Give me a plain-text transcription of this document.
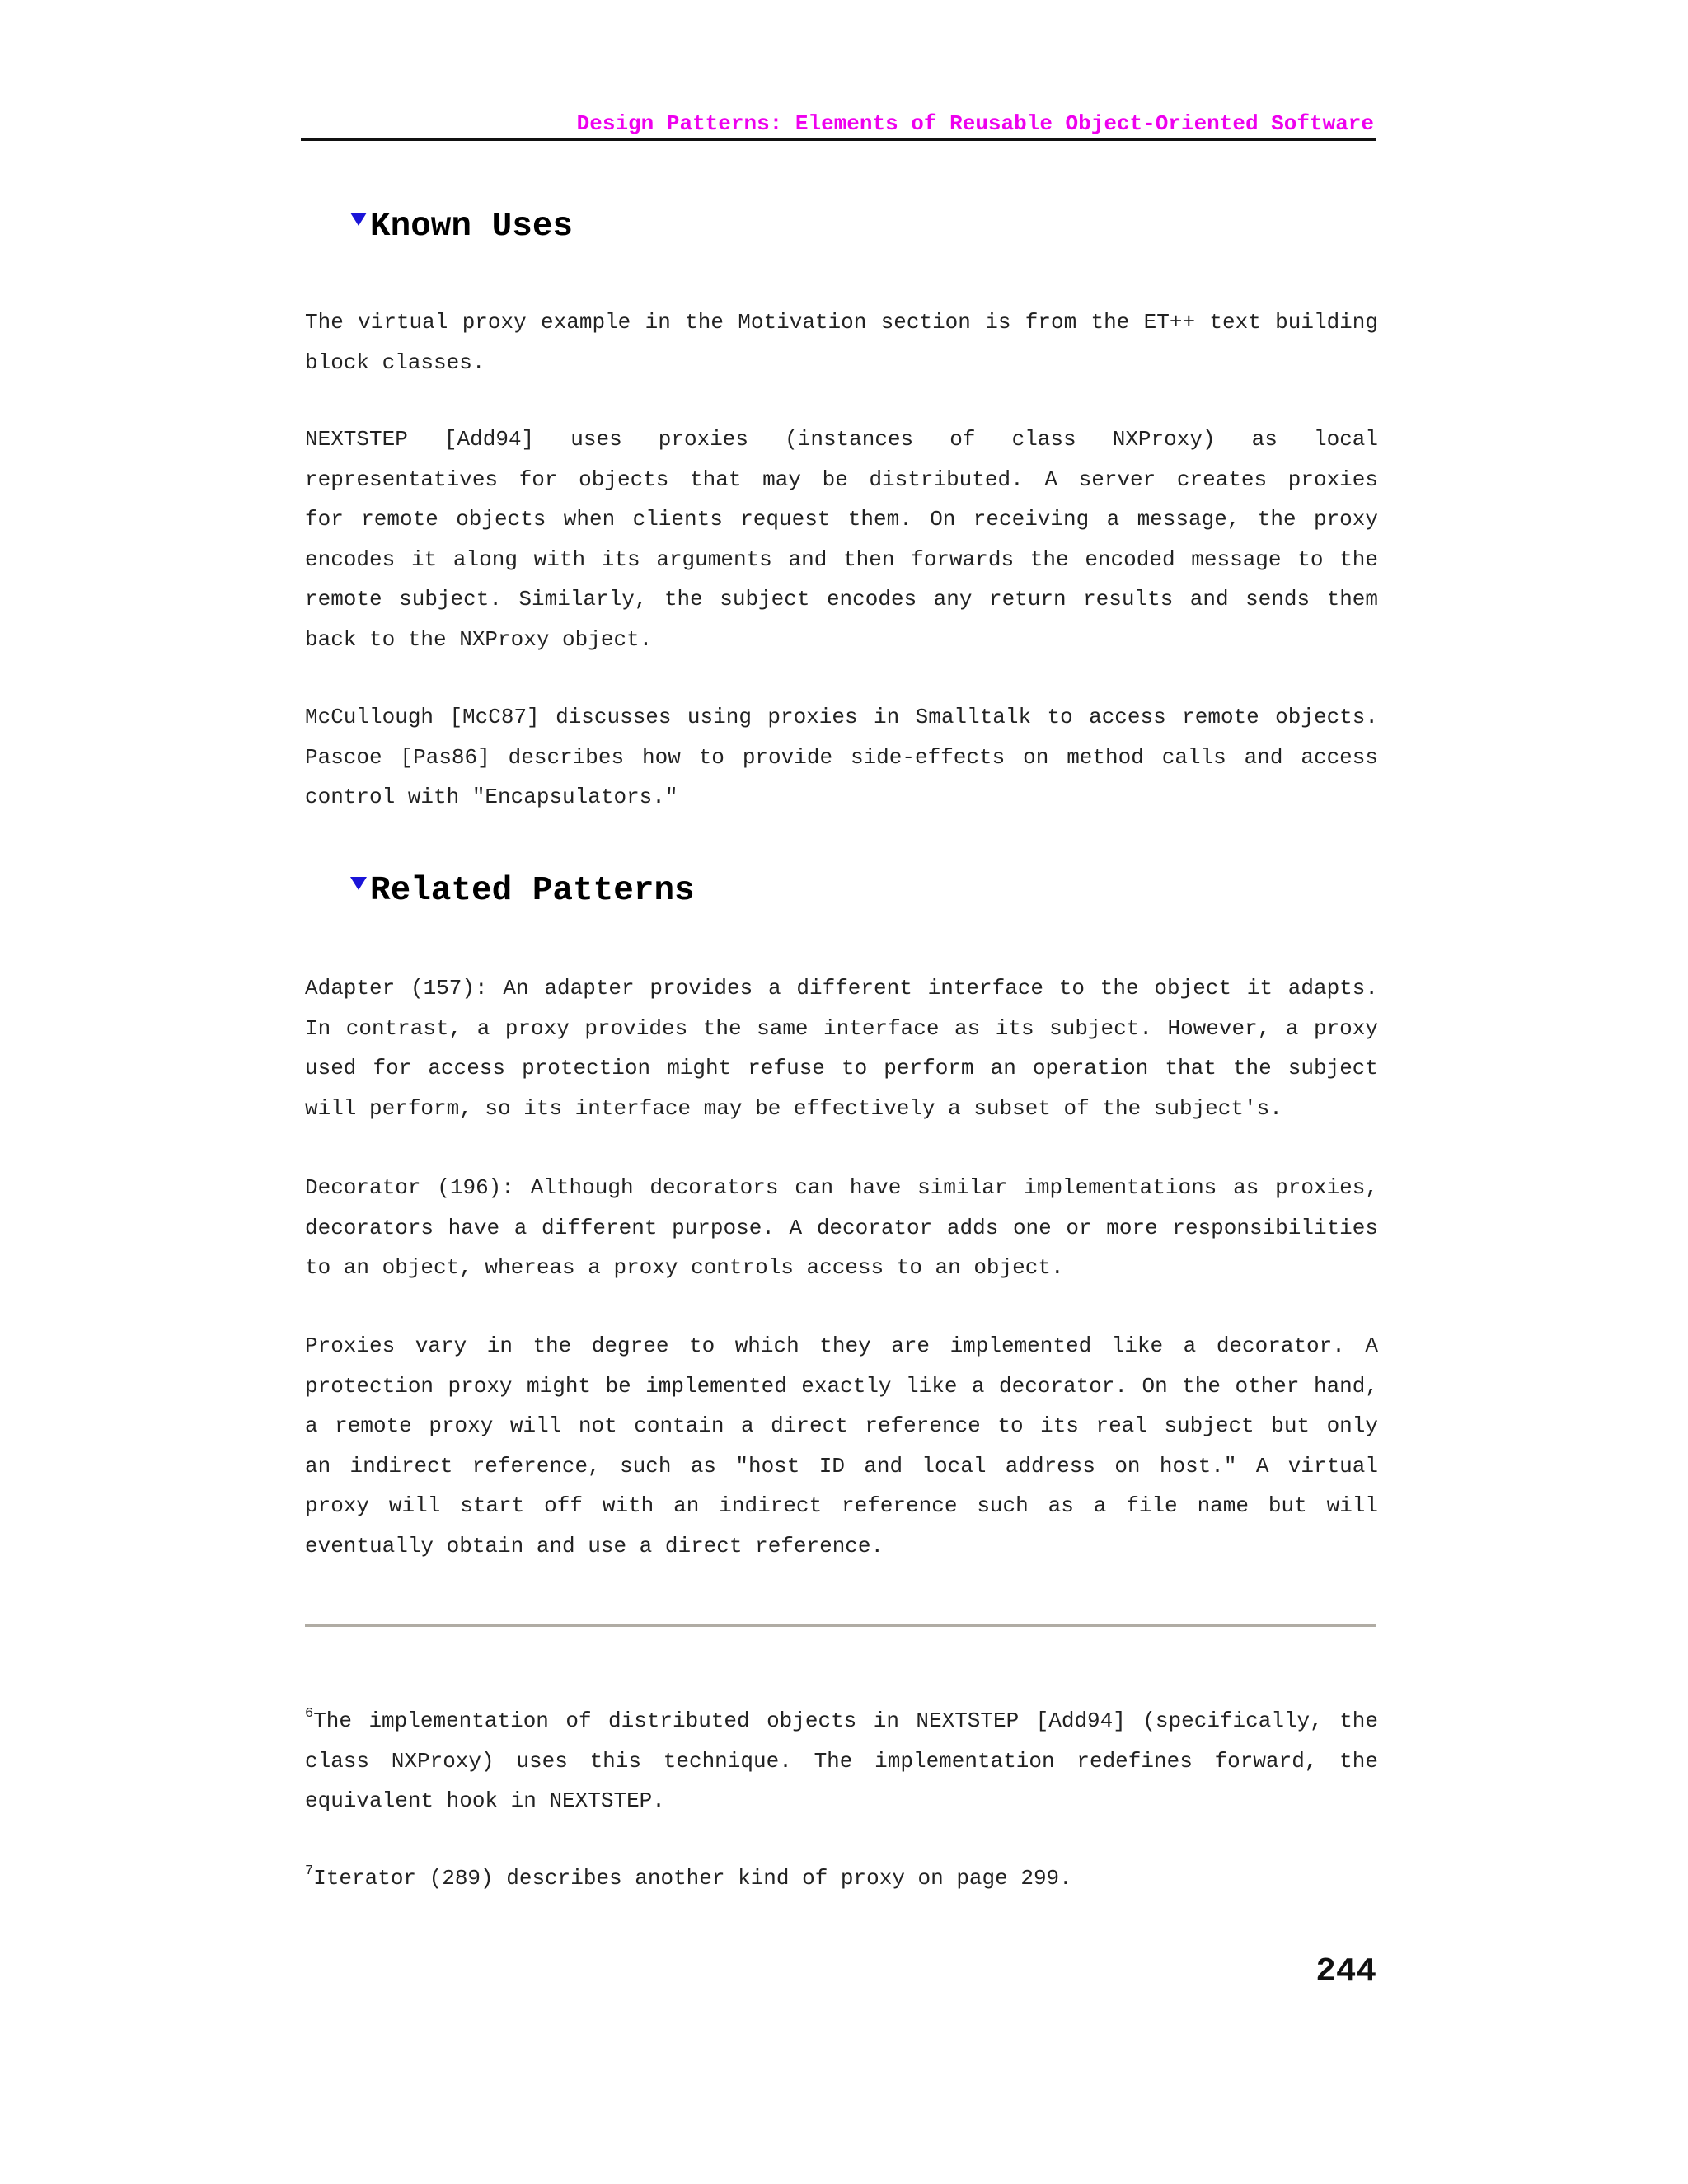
Design Patterns: Elements of Reusable Object-Oriented Software
Known Uses
The virtual proxy example in the Motivation section is from the ET++ text building
block classes.
NEXTSTEP [Add94] uses proxies (instances of class NXProxy) as local
representatives for objects that may be distributed. A server creates proxies
for remote objects when clients request them. On receiving a message, the proxy
encodes it along with its arguments and then forwards the encoded message to the
remote subject. Similarly, the subject encodes any return results and sends them
back to the NXProxy object.
McCullough [McC87] discusses using proxies in Smalltalk to access remote objects.
Pascoe [Pas86] describes how to provide side-effects on method calls and access
control with "Encapsulators."
Related Patterns
Adapter (157): An adapter provides a different interface to the object it adapts.
In contrast, a proxy provides the same interface as its subject. However, a proxy
used for access protection might refuse to perform an operation that the subject
will perform, so its interface may be effectively a subset of the subject's.
Decorator (196): Although decorators can have similar implementations as proxies,
decorators have a different purpose. A decorator adds one or more responsibilities
to an object, whereas a proxy controls access to an object.
Proxies vary in the degree to which they are implemented like a decorator. A
protection proxy might be implemented exactly like a decorator. On the other hand,
a remote proxy will not contain a direct reference to its real subject but only
an indirect reference, such as "host ID and local address on host." A virtual
proxy will start off with an indirect reference such as a file name but will
eventually obtain and use a direct reference.
$^6$The implementation of distributed objects in NEXTSTEP [Add94] (specifically, the
class NXProxy) uses this technique. The implementation redefines forward, the
equivalent hook in NEXTSTEP.
$^7$Iterator (289) describes another kind of proxy on page 299.
244
